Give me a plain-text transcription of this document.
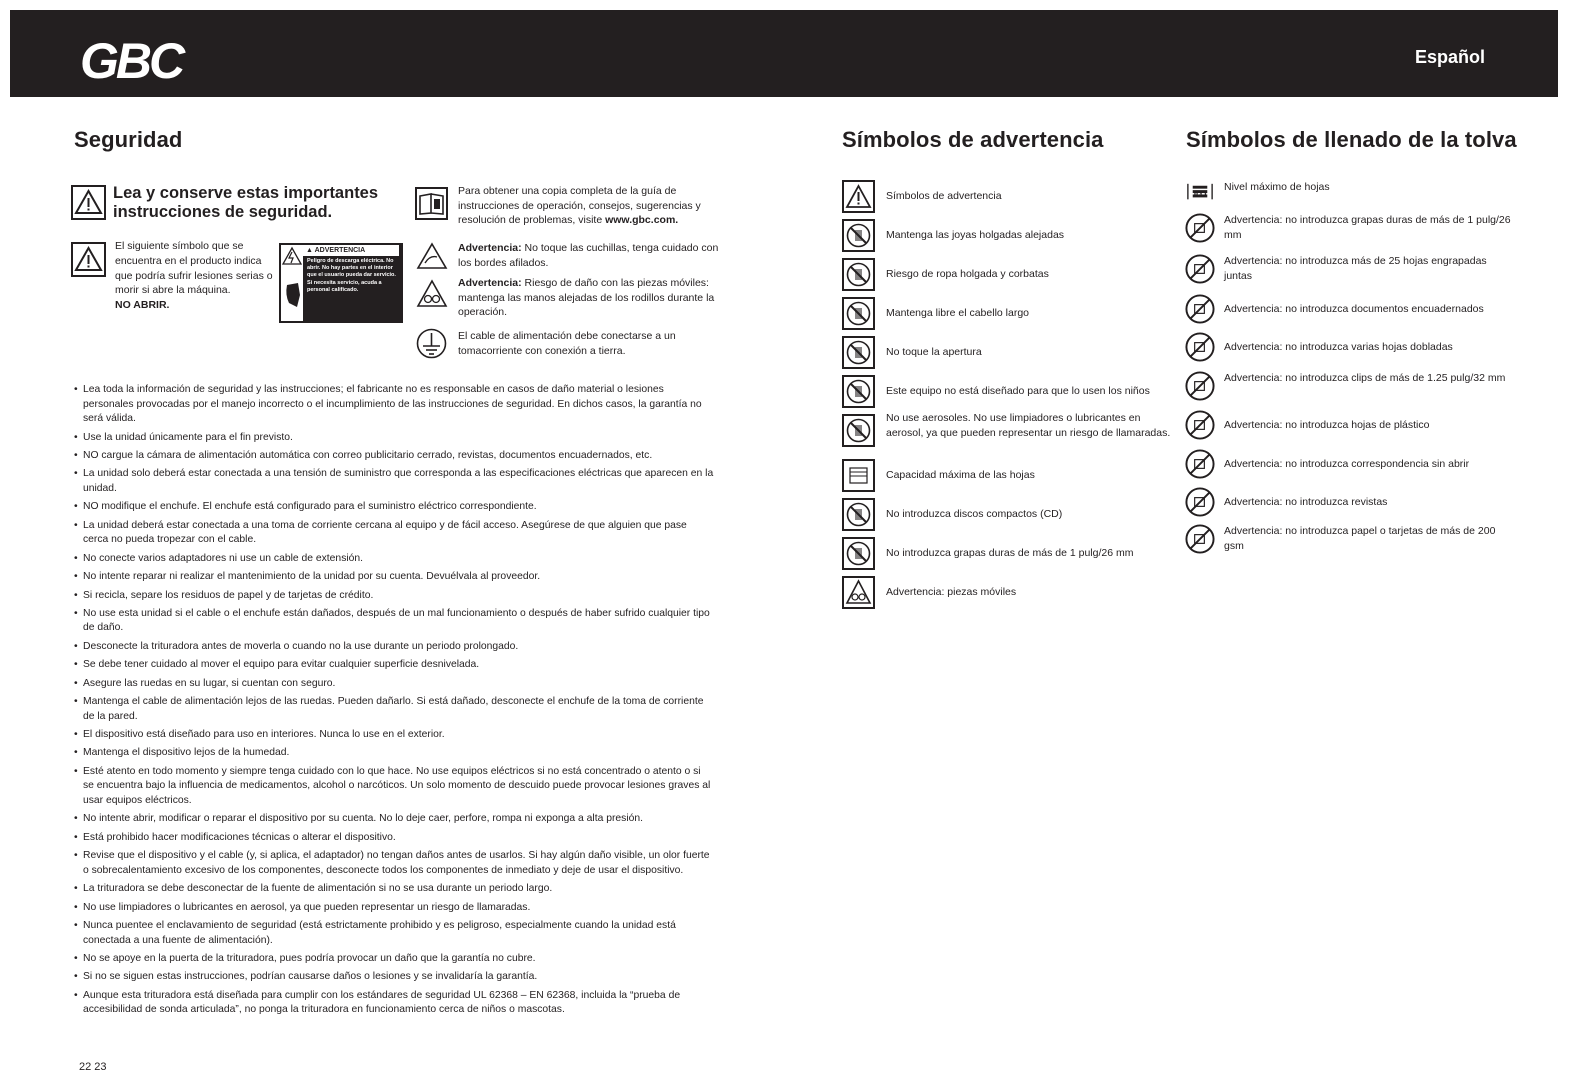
GBC	Español
Seguridad
Lea y conserve estas importantes instrucciones de seguridad.
El siguiente símbolo que se encuentra en el producto indica que podría sufrir lesiones serias o morir si abre la máquina.
NO ABRIR.
▲ ADVERTENCIA
Peligro de descarga eléctrica. No abrir. No hay partes en el interior que el usuario pueda dar servicio. Si necesita servicio, acuda a personal calificado.
Para obtener una copia completa de la guía de instrucciones de operación, consejos, sugerencias y resolución de problemas, visite www.gbc.com.
Advertencia: No toque las cuchillas, tenga cuidado con los bordes afilados.
Advertencia: Riesgo de daño con las piezas móviles: mantenga las manos alejadas de los rodillos durante la operación.
El cable de alimentación debe conectarse a un tomacorriente con conexión a tierra.
• Lea toda la información de seguridad y las instrucciones; el fabricante no es responsable en casos de daño material o lesiones personales provocadas por el manejo incorrecto o el incumplimiento de las instrucciones de seguridad. En dichos casos, la garantía no será válida.
• Use la unidad únicamente para el fin previsto.
• NO cargue la cámara de alimentación automática con correo publicitario cerrado, revistas, documentos encuadernados, etc.
• La unidad solo deberá estar conectada a una tensión de suministro que corresponda a las especificaciones eléctricas que aparecen en la unidad.
• NO modifique el enchufe. El enchufe está configurado para el suministro eléctrico correspondiente.
• La unidad deberá estar conectada a una toma de corriente cercana al equipo y de fácil acceso. Asegúrese de que alguien que pase cerca no pueda tropezar con el cable.
• No conecte varios adaptadores ni use un cable de extensión.
• No intente reparar ni realizar el mantenimiento de la unidad por su cuenta. Devuélvala al proveedor.
• Si recicla, separe los residuos de papel y de tarjetas de crédito.
• No use esta unidad si el cable o el enchufe están dañados, después de un mal funcionamiento o después de haber sufrido cualquier tipo de daño.
• Desconecte la trituradora antes de moverla o cuando no la use durante un periodo prolongado.
• Se debe tener cuidado al mover el equipo para evitar cualquier superficie desnivelada.
• Asegure las ruedas en su lugar, si cuentan con seguro.
• Mantenga el cable de alimentación lejos de las ruedas. Pueden dañarlo. Si está dañado, desconecte el enchufe de la toma de corriente de la pared.
• El dispositivo está diseñado para uso en interiores. Nunca lo use en el exterior.
• Mantenga el dispositivo lejos de la humedad.
• Esté atento en todo momento y siempre tenga cuidado con lo que hace. No use equipos eléctricos si no está concentrado o atento o si se encuentra bajo la influencia de medicamentos, alcohol o narcóticos. Un solo momento de descuido puede provocar lesiones graves al usar equipos eléctricos.
• No intente abrir, modificar o reparar el dispositivo por su cuenta. No lo deje caer, perfore, rompa ni exponga a alta presión.
• Está prohibido hacer modificaciones técnicas o alterar el dispositivo.
• Revise que el dispositivo y el cable (y, si aplica, el adaptador) no tengan daños antes de usarlos. Si hay algún daño visible, un olor fuerte o sobrecalentamiento excesivo de los componentes, desconecte todos los componentes de inmediato y deje de usar el dispositivo.
• La trituradora se debe desconectar de la fuente de alimentación si no se usa durante un periodo largo.
• No use limpiadores o lubricantes en aerosol, ya que pueden representar un riesgo de llamaradas.
• Nunca puentee el enclavamiento de seguridad (está estrictamente prohibido y es peligroso, especialmente cuando la unidad está conectada a una fuente de alimentación).
• No se apoye en la puerta de la trituradora, pues podría provocar un daño que la garantía no cubre.
• Si no se siguen estas instrucciones, podrían causarse daños o lesiones y se invalidaría la garantía.
• Aunque esta trituradora está diseñada para cumplir con los estándares de seguridad UL 62368 – EN 62368, incluida la “prueba de accesibilidad de sonda articulada”, no ponga la trituradora en funcionamiento cerca de niños o mascotas.
Símbolos de advertencia
Símbolos de advertencia
Mantenga las joyas holgadas alejadas
Riesgo de ropa holgada y corbatas
Mantenga libre el cabello largo
No toque la apertura
Este equipo no está diseñado para que lo usen los niños
No use aerosoles. No use limpiadores o lubricantes en aerosol, ya que pueden representar un riesgo de llamaradas.
Capacidad máxima de las hojas
No introduzca discos compactos (CD)
No introduzca grapas duras de más de 1 pulg/26 mm
Advertencia: piezas móviles
Símbolos de llenado de la tolva
MAX
Nivel máximo de hojas
Advertencia: no introduzca grapas duras de más de 1 pulg/26 mm
Advertencia: no introduzca más de 25 hojas engrapadas juntas
Advertencia: no introduzca documentos encuadernados
Advertencia: no introduzca varias hojas dobladas
Advertencia: no introduzca clips de más de 1.25 pulg/32 mm
Advertencia: no introduzca hojas de plástico
Advertencia: no introduzca correspondencia sin abrir
Advertencia: no introduzca revistas
Advertencia: no introduzca papel o tarjetas de más de 200 gsm
22 23
